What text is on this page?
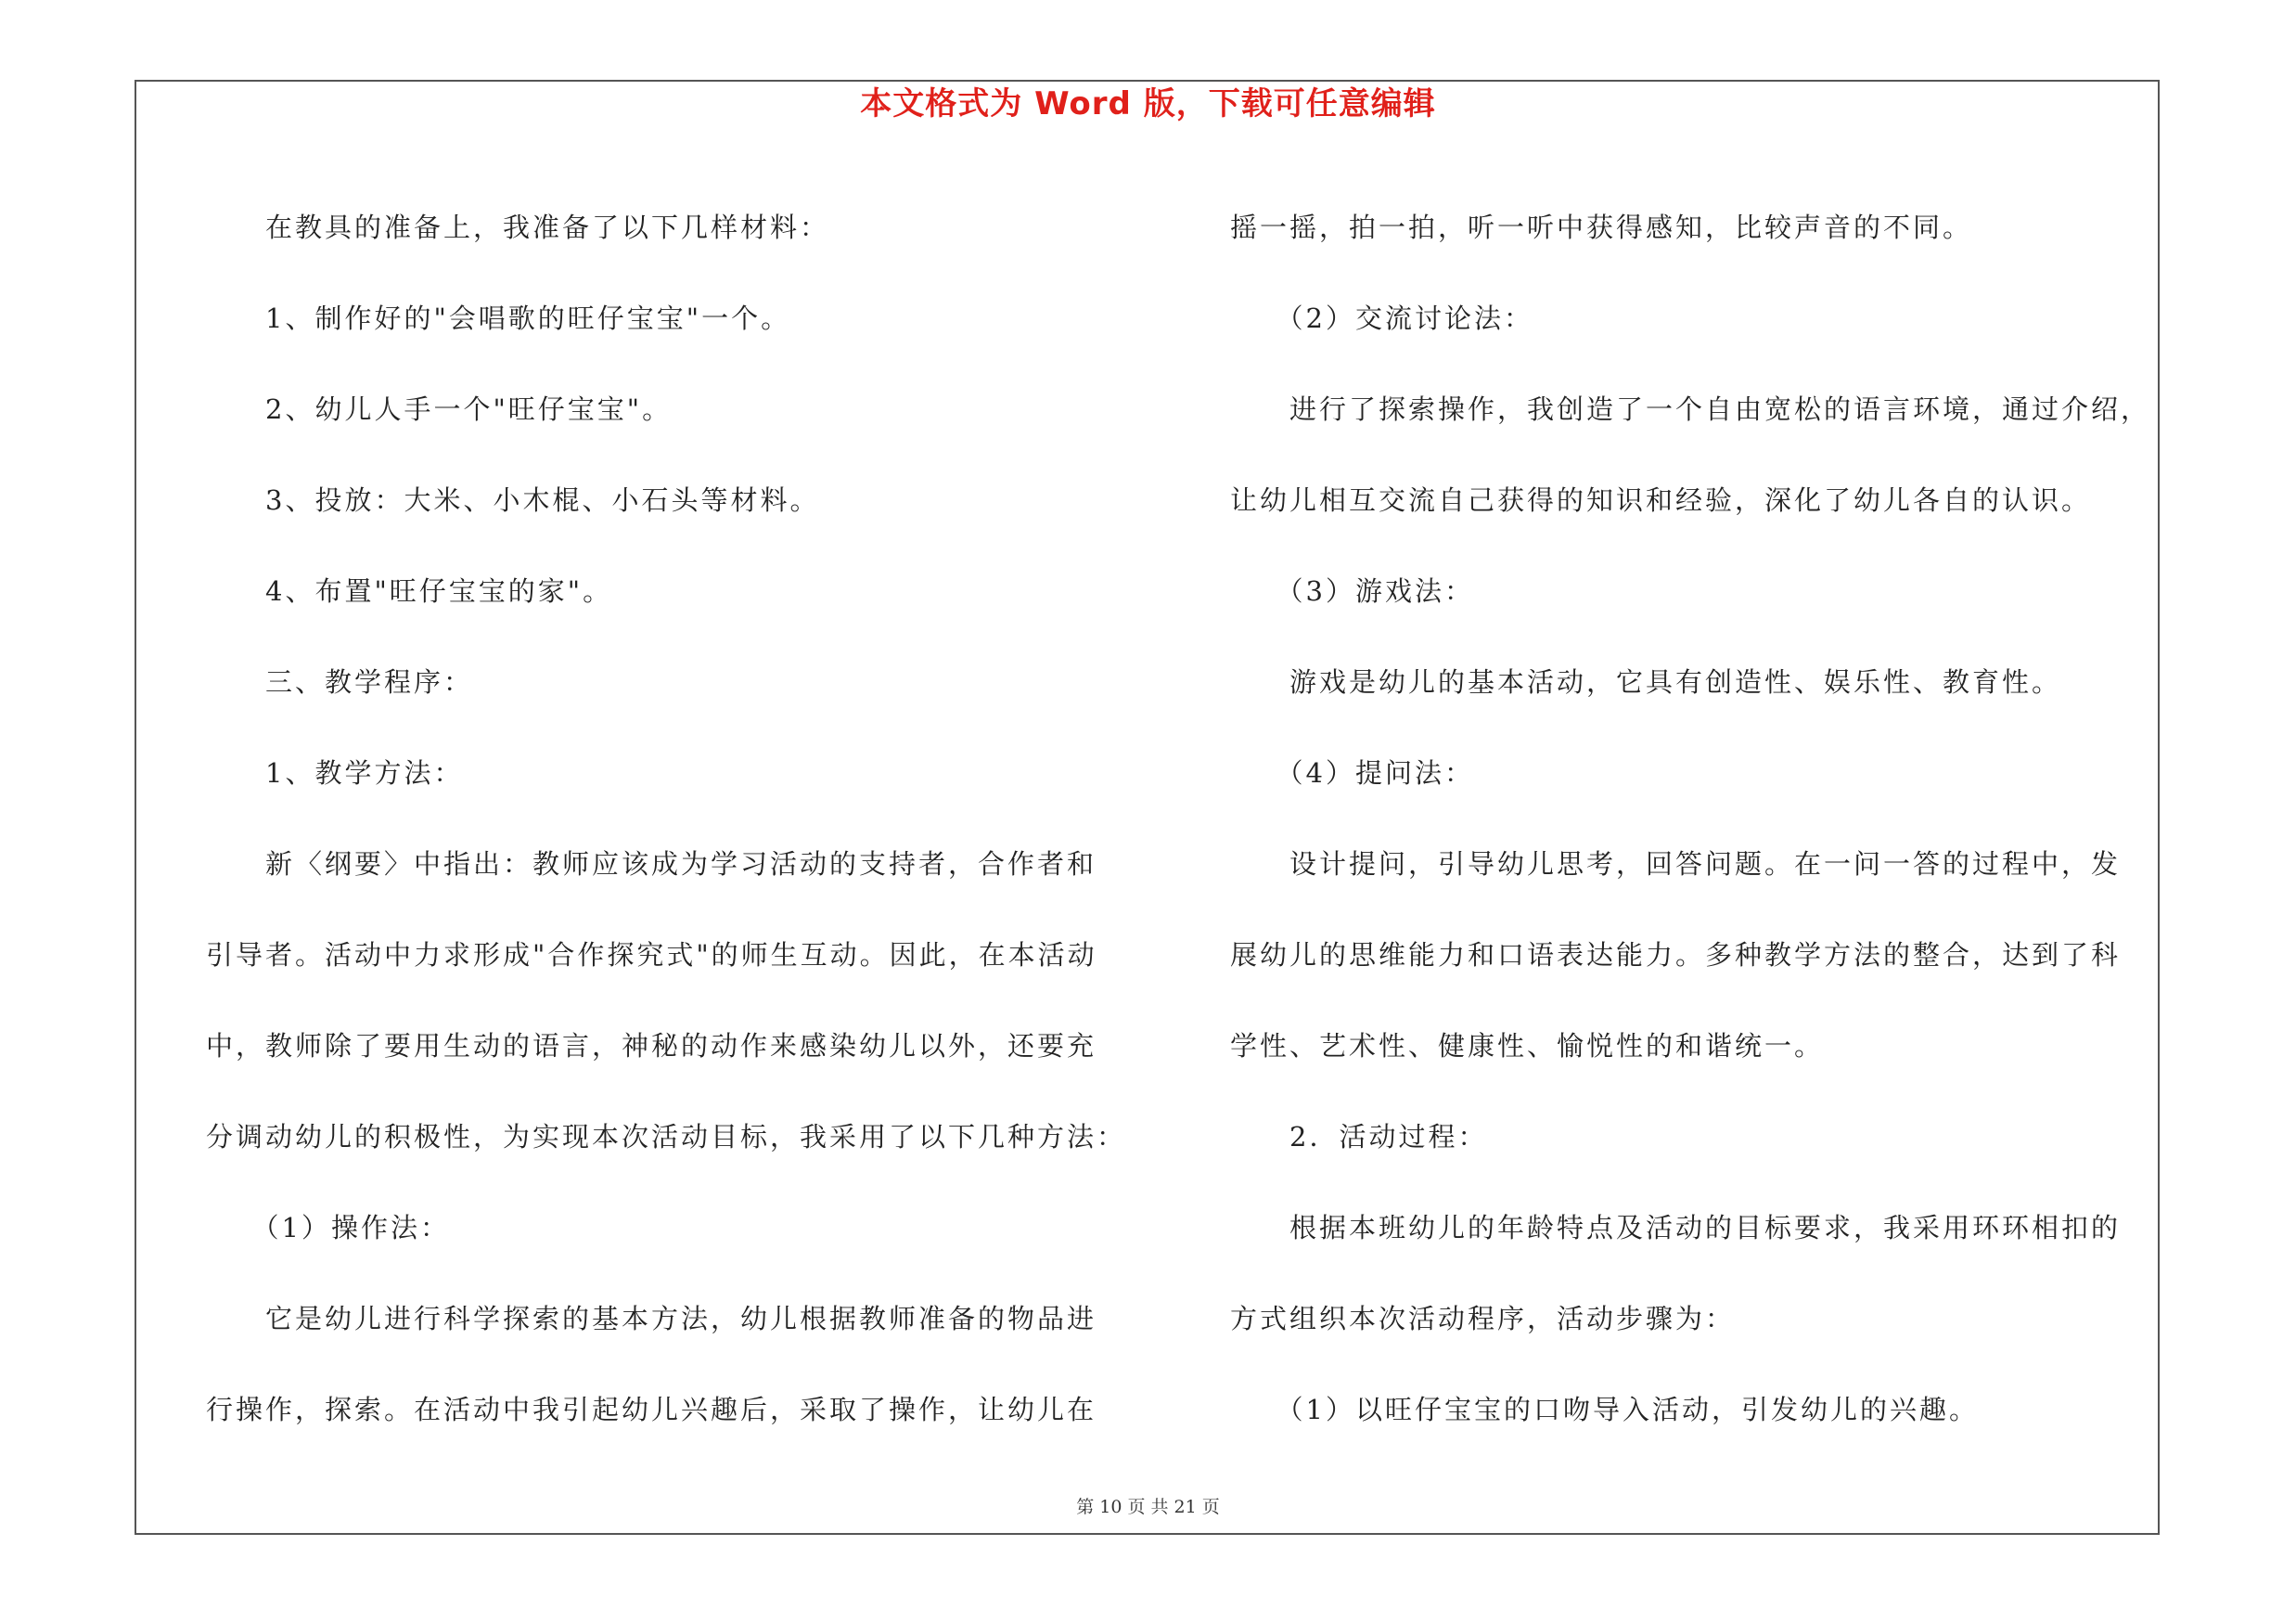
本文格式为 Word 版，下载可任意编辑

　　在教具的准备上，我准备了以下几样材料：

　　1、制作好的"会唱歌的旺仔宝宝"一个。

　　2、幼儿人手一个"旺仔宝宝"。

　　3、投放：大米、小木棍、小石头等材料。

　　4、布置"旺仔宝宝的家"。

　　三、教学程序：

　　1、教学方法：

　　新〈纲要〉中指出：教师应该成为学习活动的支持者，合作者和

引导者。活动中力求形成"合作探究式"的师生互动。因此，在本活动

中，教师除了要用生动的语言，神秘的动作来感染幼儿以外，还要充

分调动幼儿的积极性，为实现本次活动目标，我采用了以下几种方法：

　　（1）操作法：

　　它是幼儿进行科学探索的基本方法，幼儿根据教师准备的物品进

行操作，探索。在活动中我引起幼儿兴趣后，采取了操作，让幼儿在

摇一摇，拍一拍，听一听中获得感知，比较声音的不同。

　　（2）交流讨论法：

　　进行了探索操作，我创造了一个自由宽松的语言环境，通过介绍，

让幼儿相互交流自己获得的知识和经验，深化了幼儿各自的认识。

　　（3）游戏法：

　　游戏是幼儿的基本活动，它具有创造性、娱乐性、教育性。

　　（4）提问法：

　　设计提问，引导幼儿思考，回答问题。在一问一答的过程中，发

展幼儿的思维能力和口语表达能力。多种教学方法的整合，达到了科

学性、艺术性、健康性、愉悦性的和谐统一。

　　2．活动过程：

　　根据本班幼儿的年龄特点及活动的目标要求，我采用环环相扣的

方式组织本次活动程序，活动步骤为：

　　（1）以旺仔宝宝的口吻导入活动，引发幼儿的兴趣。

第 10 页 共 21 页
